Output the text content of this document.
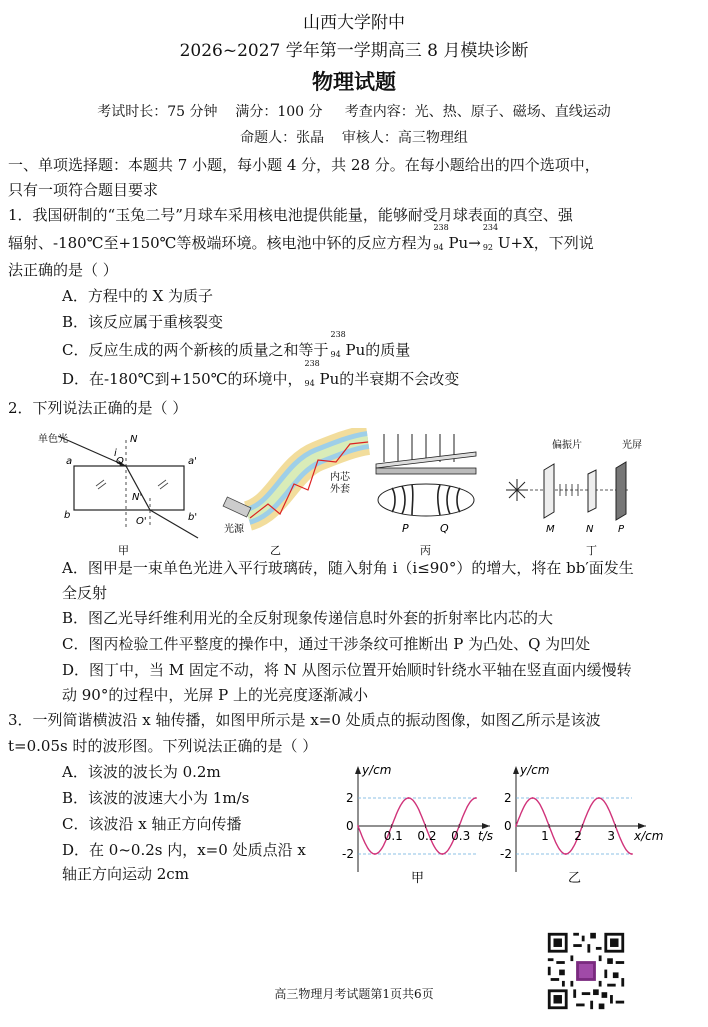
山西大学附中
2026~2027 学年第一学期高三 8 月模块诊断
物理试题
考试时长：75 分钟    满分：100 分     考查内容：光、热、原子、磁场、直线运动
命题人：张晶    审核人：高三物理组
一、单项选择题：本题共 7 小题，每小题 4 分，共 28 分。在每小题给出的四个选项中，
只有一项符合题目要求
1．我国研制的“玉兔二号”月球车采用核电池提供能量，能够耐受月球表面的真空、强
辐射、-180℃至+150℃等极端环境。核电池中钚的反应方程为
238
94 Pu→
234
92 U+X，下列说
法正确的是（ ）
A．方程中的 X 为质子
B．该反应属于重核裂变
C．反应生成的两个新核的质量之和等于
238
94 Pu的质量
D．在-180℃到+150℃的环境中，
238
94 Pu的半衰期不会改变
2．下列说法正确的是（ ）
单色光
i
N
O
a	a'
b
N'
O'	b'
甲
光源
内芯
外套
乙
P	Q
丙
偏振片	光屏
M	N P
丁
A．图甲是一束单色光进入平行玻璃砖，随入射角 i（i≤90°）的增大，将在 bb′面发生
全反射
B．图乙光导纤维利用光的全反射现象传递信息时外套的折射率比内芯的大
C．图丙检验工件平整度的操作中，通过干涉条纹可推断出 P 为凸处、Q 为凹处
D．图丁中，当 M 固定不动，将 N 从图示位置开始顺时针绕水平轴在竖直面内缓慢转
动 90°的过程中，光屏 P 上的光亮度逐渐减小
3．一列简谐横波沿 x 轴传播，如图甲所示是 x=0 处质点的振动图像，如图乙所示是该波
t=0.05s 时的波形图。下列说法正确的是（ ）
A．该波的波长为 0.2m
B．该波的波速大小为 1m/s
C．该波沿 x 轴正方向传播
D．在 0~0.2s 内，x=0 处质点沿 x
轴正方向运动 2cm
0.1 0.2 0.3
2
0
-2
y/cm
t/s
甲
1 2 3
2
0
-2
y/cm
x/cm
乙
高三物理月考试题第1页共6页
